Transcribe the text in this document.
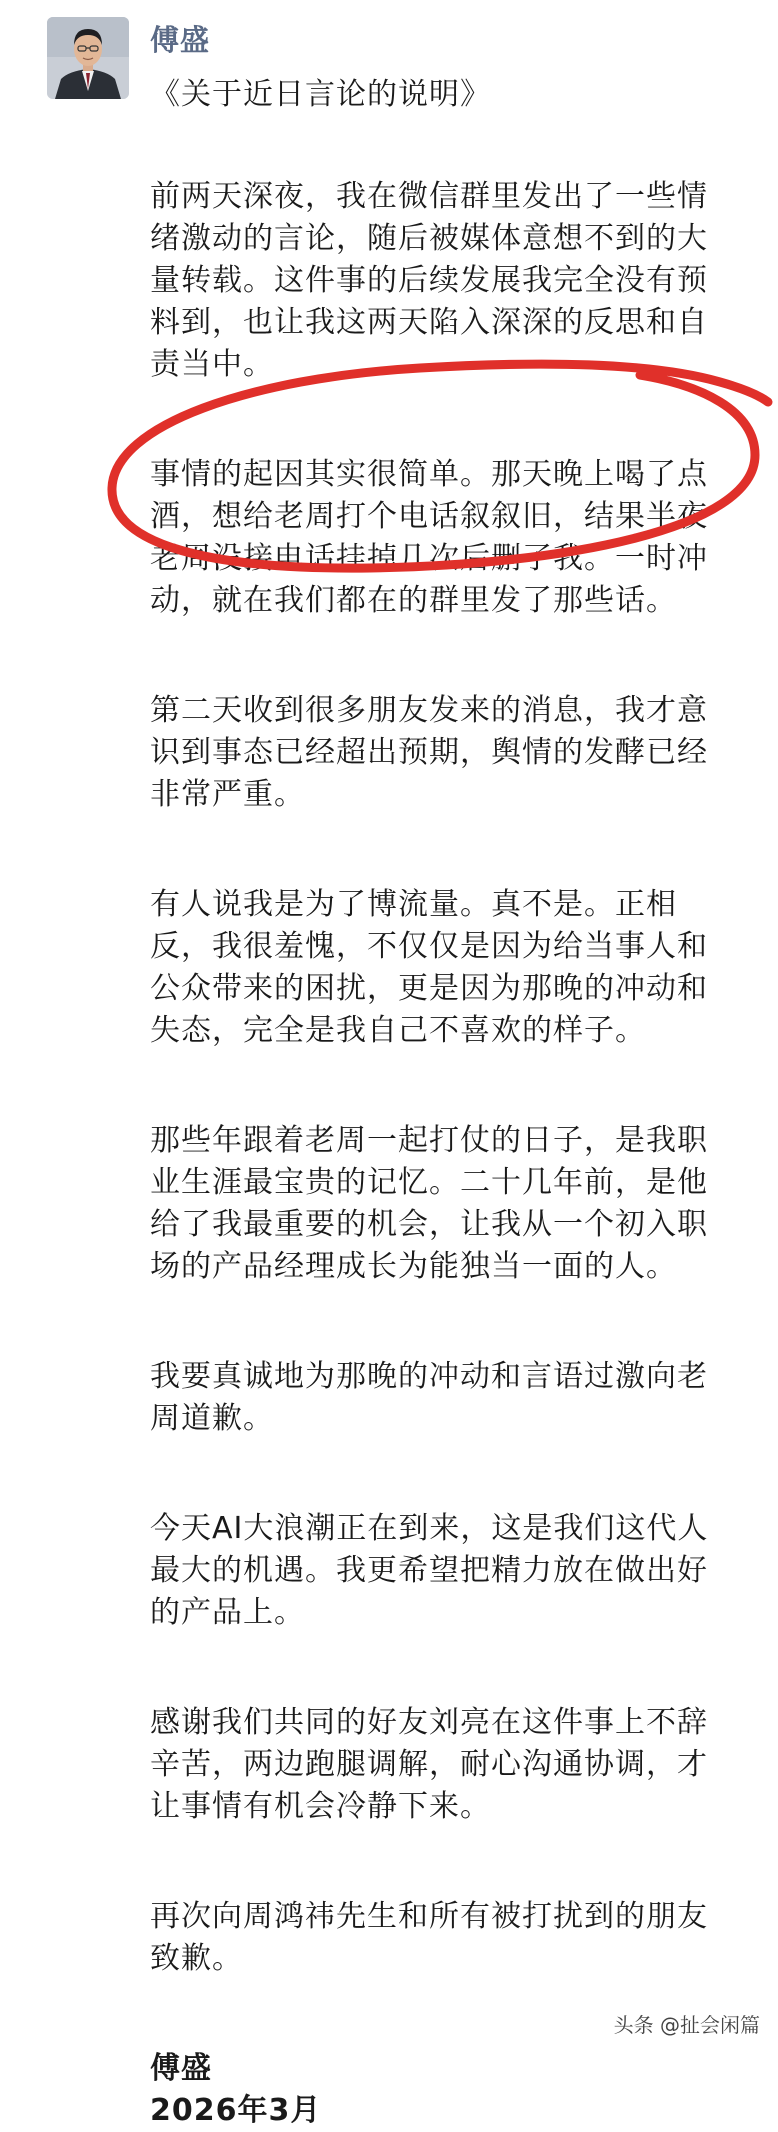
傅盛
《关于近日言论的说明》
前两天深夜，我在微信群里发出了一些情绪激动的言论，随后被媒体意想不到的大量转载。这件事的后续发展我完全没有预料到，也让我这两天陷入深深的反思和自责当中。
事情的起因其实很简单。那天晚上喝了点酒，想给老周打个电话叙叙旧，结果半夜老周没接电话挂掉几次后删了我。一时冲动，就在我们都在的群里发了那些话。
第二天收到很多朋友发来的消息，我才意识到事态已经超出预期，舆情的发酵已经非常严重。
有人说我是为了博流量。真不是。正相反，我很羞愧，不仅仅是因为给当事人和公众带来的困扰，更是因为那晚的冲动和失态，完全是我自己不喜欢的样子。
那些年跟着老周一起打仗的日子，是我职业生涯最宝贵的记忆。二十几年前，是他给了我最重要的机会，让我从一个初入职场的产品经理成长为能独当一面的人。
我要真诚地为那晚的冲动和言语过激向老周道歉。
今天AI大浪潮正在到来，这是我们这代人最大的机遇。我更希望把精力放在做出好的产品上。
感谢我们共同的好友刘亮在这件事上不辞辛苦，两边跑腿调解，耐心沟通协调，才让事情有机会冷静下来。
再次向周鸿祎先生和所有被打扰到的朋友致歉。
傅盛
2026年3月
头条 @扯会闲篇
